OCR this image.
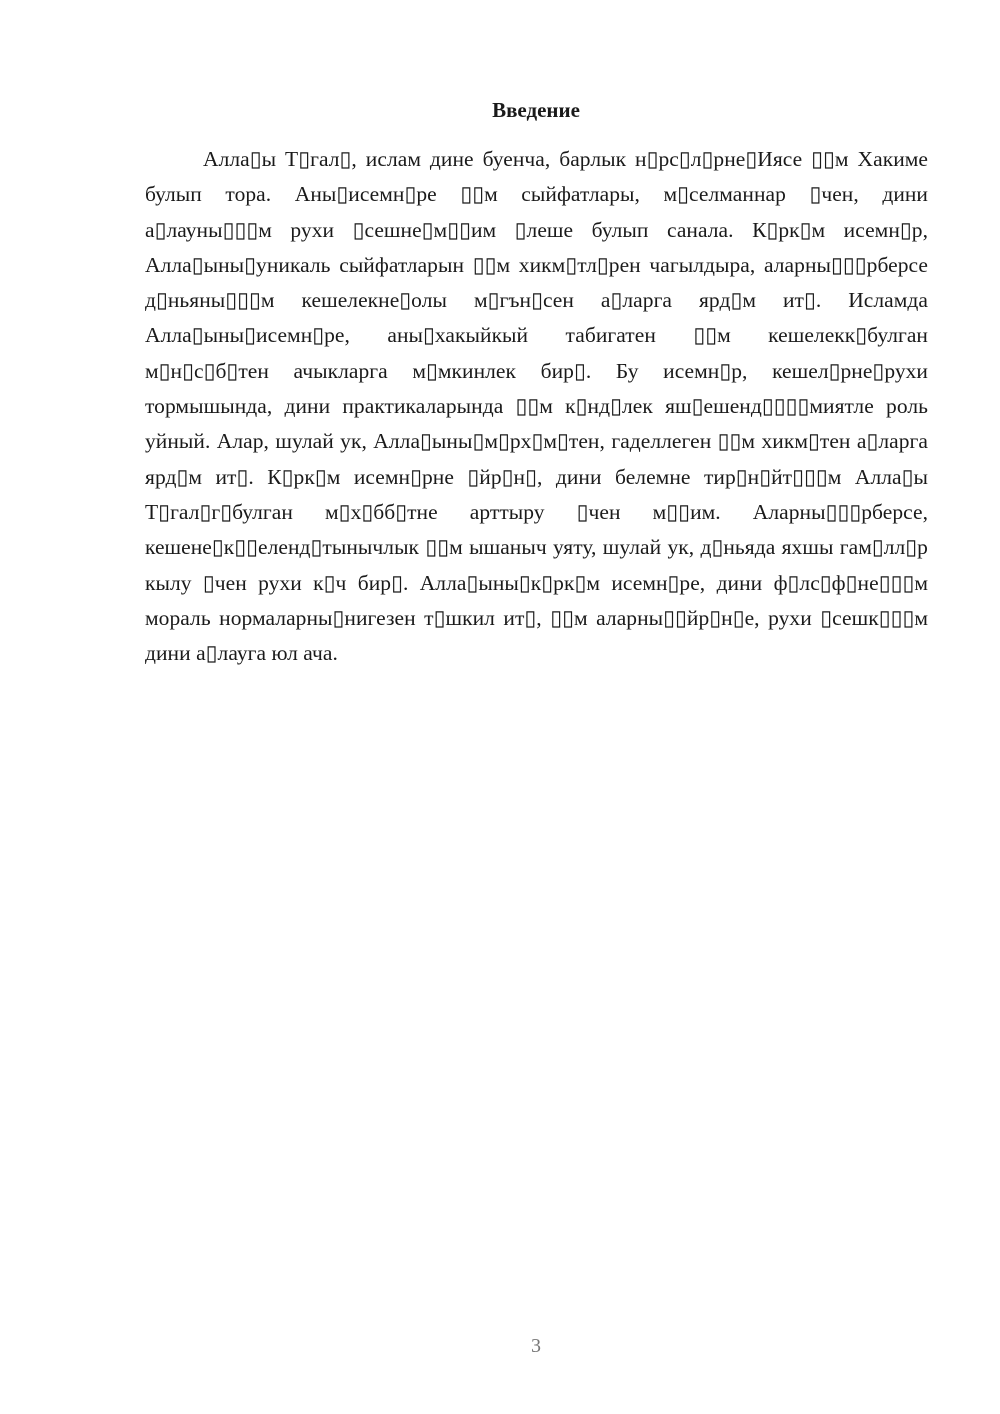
Введение

Алла▯ы Т▯гал▯, ислам дине буенча, барлык н▯рс▯л▯рне▯Иясе ▯▯м Хакиме булып тора. Аны▯исемн▯ре ▯▯м сыйфатлары, м▯селманнар ▯чен, дини а▯лауны▯▯▯м рухи ▯сешне▯м▯▯им ▯леше булып санала. К▯рк▯м исемн▯р, Алла▯ыны▯уникаль сыйфатларын ▯▯м хикм▯тл▯рен чагылдыра, аларны▯▯▯рберсе д▯ньяны▯▯▯м кешелекне▯олы м▯гън▯сен а▯ларга ярд▯м ит▯. Исламда Алла▯ыны▯исемн▯ре, аны▯хакыйкый табигатен ▯▯м кешелекк▯булган м▯н▯с▯б▯тен ачыкларга м▯мкинлек бир▯. Бу исемн▯р, кешел▯рне▯рухи тормышында, дини практикаларында ▯▯м к▯нд▯лек яш▯ешенд▯▯▯▯миятле роль уйный. Алар, шулай ук, Алла▯ыны▯м▯рх▯м▯тен, гаделлеген ▯▯м хикм▯тен а▯ларга ярд▯м ит▯. К▯рк▯м исемн▯рне ▯йр▯н▯, дини белемне тир▯н▯йт▯▯▯м Алла▯ы Т▯гал▯г▯булган м▯х▯бб▯тне арттыру ▯чен м▯▯им. Аларны▯▯▯рберсе, кешене▯к▯▯еленд▯тынычлык ▯▯м ышаныч уяту, шулай ук, д▯ньяда яхшы гам▯лл▯р кылу ▯чен рухи к▯ч бир▯. Алла▯ыны▯к▯рк▯м исемн▯ре, дини ф▯лс▯ф▯не▯▯▯м мораль нормаларны▯нигезен т▯шкил ит▯, ▯▯м аларны▯▯йр▯н▯е, рухи ▯сешк▯▯▯м дини а▯лауга юл ача.

3
